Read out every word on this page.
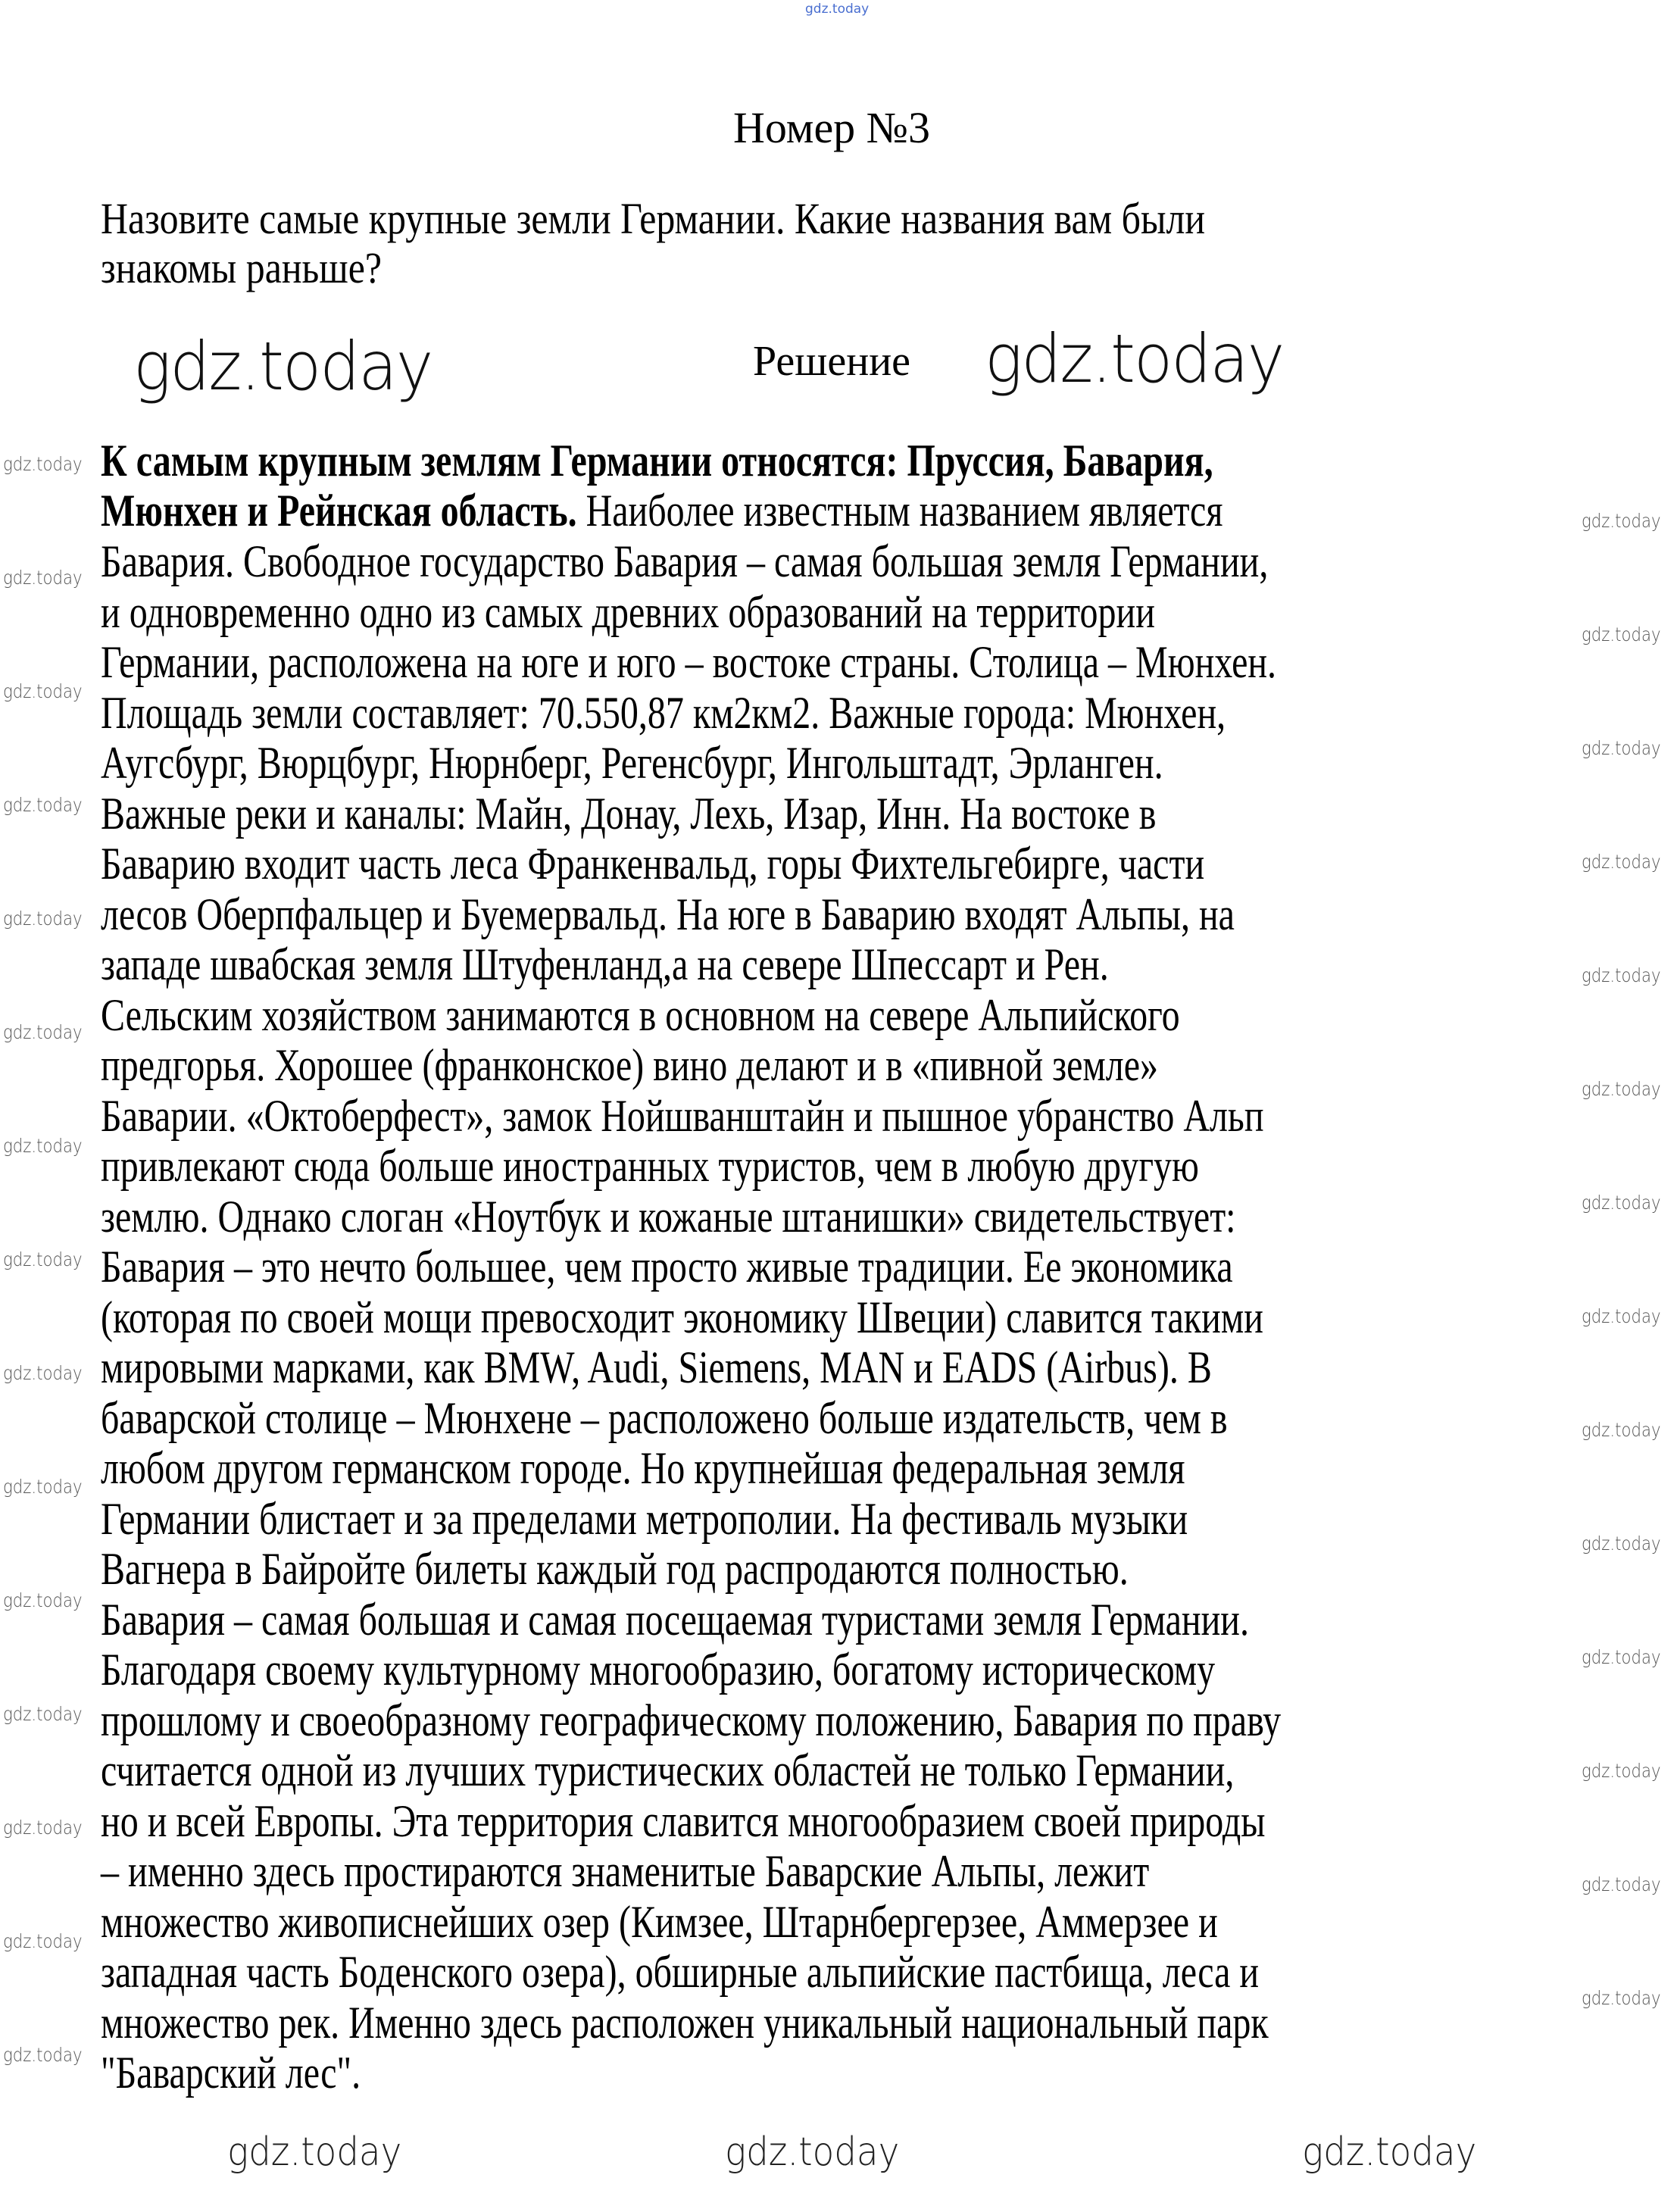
gdz.today
Номер №3
Назовите самые крупные земли Германии. Какие названия вам были
знакомы раньше?
Решение
К самым крупным землям Германии относятся: Пруссия, Бавария,
Мюнхен и Рейнская область. Наиболее известным названием является
Бавария. Свободное государство Бавария – самая большая земля Германии,
и одновременно одно из самых древних образований на территории
Германии, расположена на юге и юго – востоке страны. Столица – Мюнхен.
Площадь земли составляет: 70.550,87 км2км2. Важные города: Мюнхен,
Аугсбург, Вюрцбург, Нюрнберг, Регенсбург, Ингольштадт, Эрланген.
Важные реки и каналы: Майн, Донау, Лехь, Изар, Инн. На востоке в
Баварию входит часть леса Франкенвальд, горы Фихтельгебирге, части
лесов Оберпфальцер и Буемервальд. На юге в Баварию входят Альпы, на
западе швабская земля Штуфенланд,а на севере Шпессарт и Рен.
Сельским хозяйством занимаются в основном на севере Альпийского
предгорья. Хорошее (франконское) вино делают и в «пивной земле»
Баварии. «Октоберфест», замок Нойшванштайн и пышное убранство Альп
привлекают сюда больше иностранных туристов, чем в любую другую
землю. Однако слоган «Ноутбук и кожаные штанишки» свидетельствует:
Бавария – это нечто большее, чем просто живые традиции. Ее экономика
(которая по своей мощи превосходит экономику Швеции) славится такими
мировыми марками, как BMW, Audi, Siemens, MAN и EADS (Airbus). В
баварской столице – Мюнхене – расположено больше издательств, чем в
любом другом германском городе. Но крупнейшая федеральная земля
Германии блистает и за пределами метрополии. На фестиваль музыки
Вагнера в Байройте билеты каждый год распродаются полностью.
Бавария – самая большая и самая посещаемая туристами земля Германии.
Благодаря своему культурному многообразию, богатому историческому
прошлому и своеобразному географическому положению, Бавария по праву
считается одной из лучших туристических областей не только Германии,
но и всей Европы. Эта территория славится многообразием своей природы
– именно здесь простираются знаменитые Баварские Альпы, лежит
множество живописнейших озер (Кимзее, Штарнбергерзее, Аммерзее и
западная часть Боденского озера), обширные альпийские пастбища, леса и
множество рек. Именно здесь расположен уникальный национальный парк
"Баварский лес".
gdz.today	gdz.today
gdz.today	gdz.today	gdz.today
gdz.today
gdz.today
gdz.today
gdz.today
gdz.today
gdz.today
gdz.today
gdz.today
gdz.today
gdz.today
gdz.today
gdz.today
gdz.today
gdz.today
gdz.today
gdz.today
gdz.today
gdz.today
gdz.today
gdz.today
gdz.today
gdz.today
gdz.today
gdz.today
gdz.today
gdz.today
gdz.today
gdz.today
gdz.today
